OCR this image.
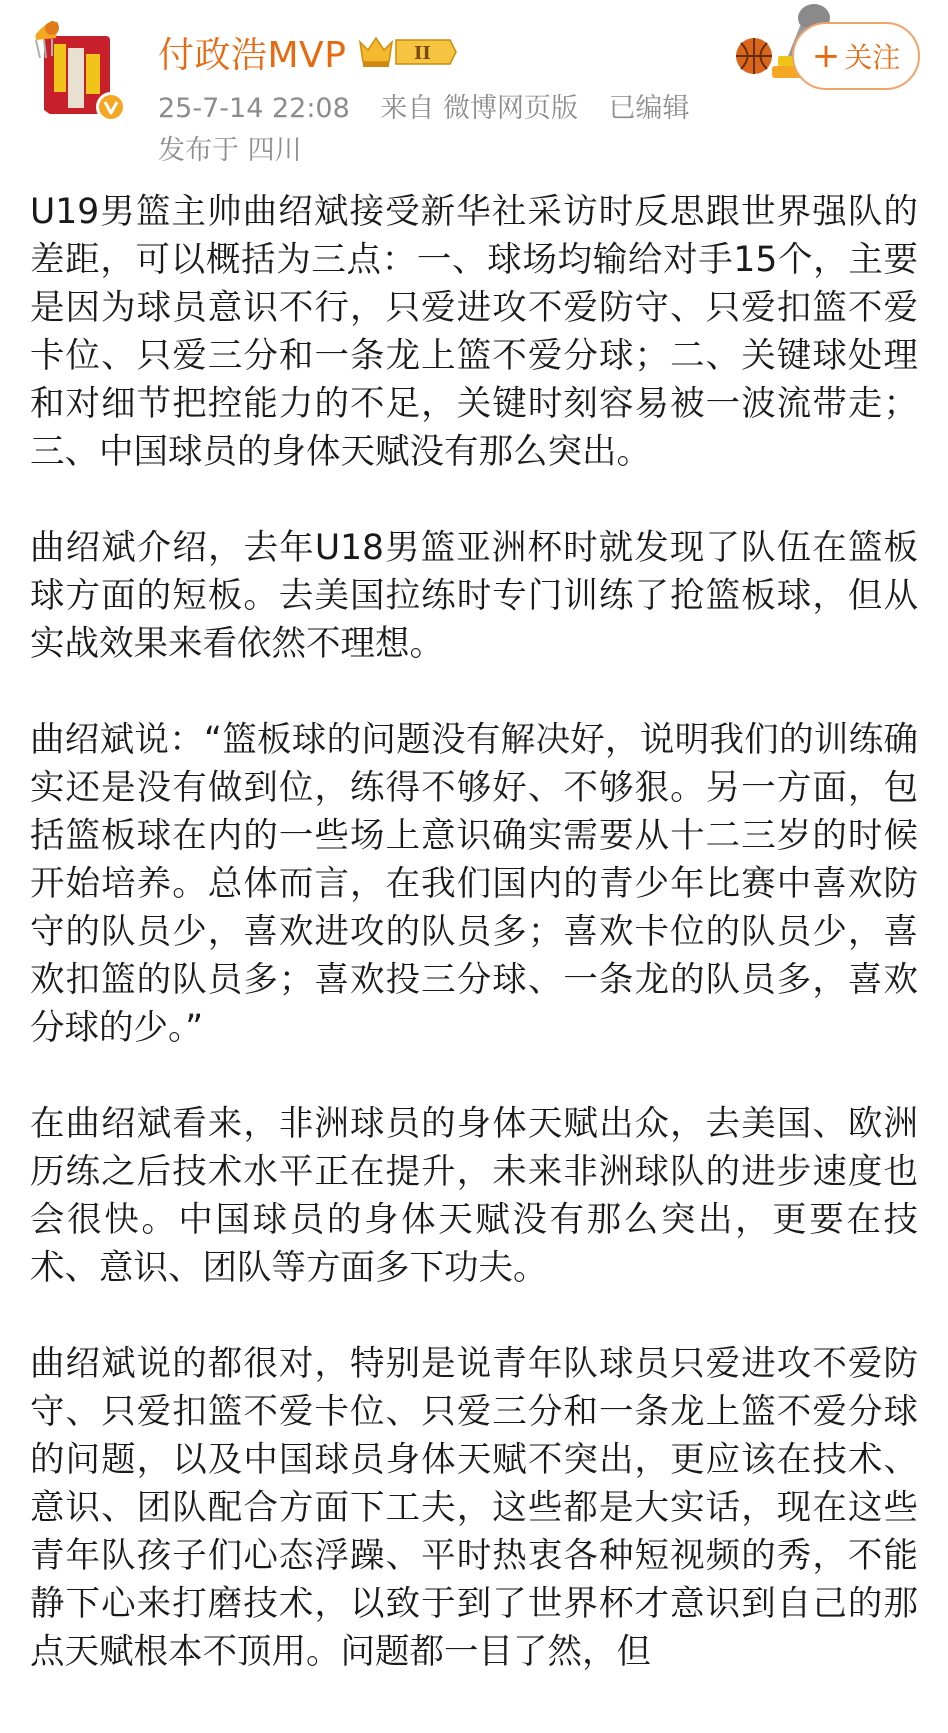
付政浩MVP	II
25-7-14 22:08 来自 微博网页版 已编辑
发布于 四川
+ 关注

U19男篮主帅曲绍斌接受新华社采访时反思跟世界强队的差距，可以概括为三点：一、球场均输给对手15个，主要是因为球员意识不行，只爱进攻不爱防守、只爱扣篮不爱卡位、只爱三分和一条龙上篮不爱分球；二、关键球处理和对细节把控能力的不足，关键时刻容易被一波流带走；三、中国球员的身体天赋没有那么突出。

曲绍斌介绍，去年U18男篮亚洲杯时就发现了队伍在篮板球方面的短板。去美国拉练时专门训练了抢篮板球，但从实战效果来看依然不理想。

曲绍斌说：“篮板球的问题没有解决好，说明我们的训练确实还是没有做到位，练得不够好、不够狠。另一方面，包括篮板球在内的一些场上意识确实需要从十二三岁的时候开始培养。总体而言，在我们国内的青少年比赛中喜欢防守的队员少，喜欢进攻的队员多；喜欢卡位的队员少，喜欢扣篮的队员多；喜欢投三分球、一条龙的队员多，喜欢分球的少。”

在曲绍斌看来，非洲球员的身体天赋出众，去美国、欧洲历练之后技术水平正在提升，未来非洲球队的进步速度也会很快。中国球员的身体天赋没有那么突出，更要在技术、意识、团队等方面多下功夫。

曲绍斌说的都很对，特别是说青年队球员只爱进攻不爱防守、只爱扣篮不爱卡位、只爱三分和一条龙上篮不爱分球的问题，以及中国球员身体天赋不突出，更应该在技术、意识、团队配合方面下工夫，这些都是大实话，现在这些青年队孩子们心态浮躁、平时热衷各种短视频的秀，不能静下心来打磨技术，以致于到了世界杯才意识到自己的那点天赋根本不顶用。问题都一目了然，但
